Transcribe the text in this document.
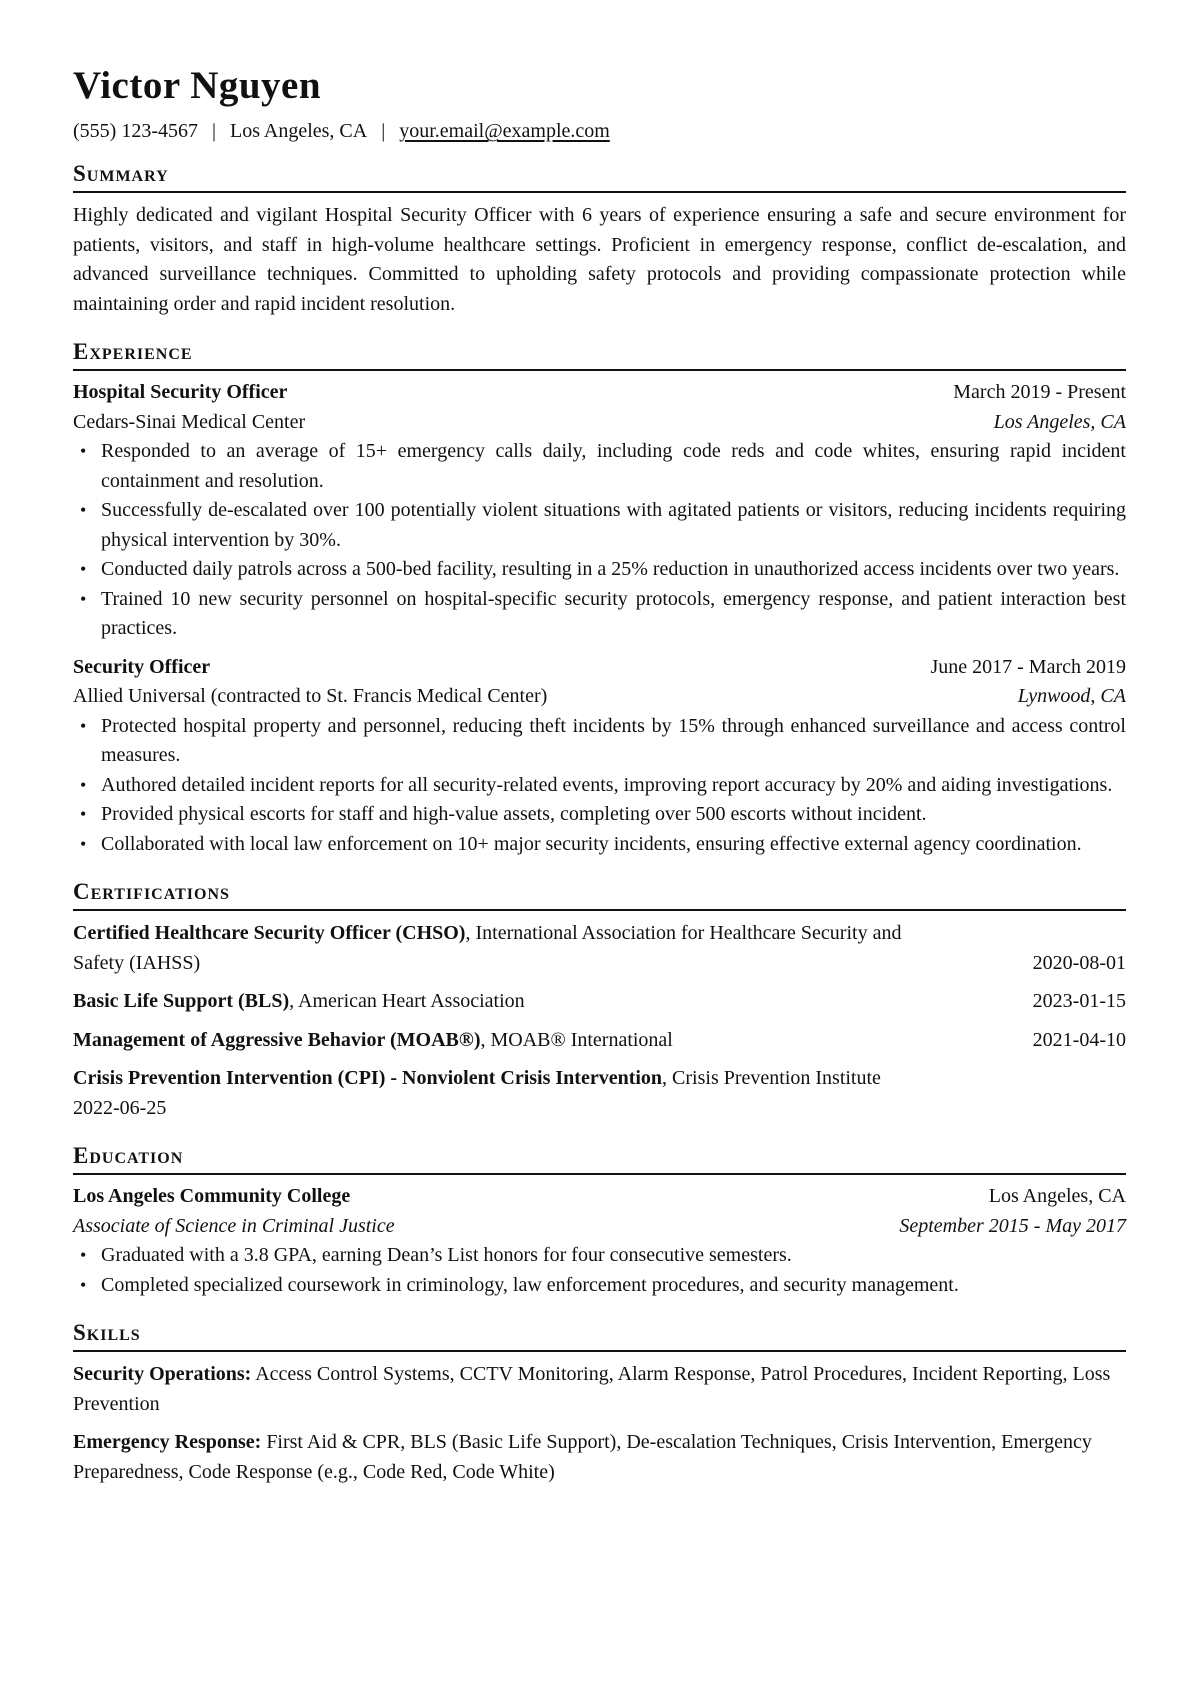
Victor Nguyen
(555) 123-4567 | Los Angeles, CA | your.email@example.com
Summary

Highly dedicated and vigilant Hospital Security Officer with 6 years of experience ensuring a safe and secure environment for patients, visitors, and staff in high-volume healthcare settings. Proficient in emergency response, conflict de-escalation, and advanced surveillance techniques. Committed to upholding safety protocols and providing compassionate protection while maintaining order and rapid incident resolution.

Experience
Hospital Security Officer	March 2019 - Present
Cedars-Sinai Medical Center	Los Angeles, CA
• Responded to an average of 15+ emergency calls daily, including code reds and code whites, ensuring rapid incident containment and resolution.
• Successfully de-escalated over 100 potentially violent situations with agitated patients or visitors, reducing incidents requiring physical intervention by 30%.
• Conducted daily patrols across a 500-bed facility, resulting in a 25% reduction in unauthorized access incidents over two years.
• Trained 10 new security personnel on hospital-specific security protocols, emergency response, and patient interaction best practices.
Security Officer	June 2017 - March 2019
Allied Universal (contracted to St. Francis Medical Center)	Lynwood, CA
• Protected hospital property and personnel, reducing theft incidents by 15% through enhanced surveillance and access control measures.
• Authored detailed incident reports for all security-related events, improving report accuracy by 20% and aiding investigations.
• Provided physical escorts for staff and high-value assets, completing over 500 escorts without incident.
• Collaborated with local law enforcement on 10+ major security incidents, ensuring effective external agency coordination.
Certifications
Certified Healthcare Security Officer (CHSO), International Association for Healthcare Security and
Safety (IAHSS)	2020-08-01
Basic Life Support (BLS), American Heart Association	2023-01-15
Management of Aggressive Behavior (MOAB®), MOAB® International	2021-04-10
Crisis Prevention Intervention (CPI) - Nonviolent Crisis Intervention, Crisis Prevention Institute
2022-06-25
Education
Los Angeles Community College	Los Angeles, CA
Associate of Science in Criminal Justice	September 2015 - May 2017
• Graduated with a 3.8 GPA, earning Dean’s List honors for four consecutive semesters.
• Completed specialized coursework in criminology, law enforcement procedures, and security management.
Skills
Security Operations: Access Control Systems, CCTV Monitoring, Alarm Response, Patrol Procedures, Incident Reporting, Loss Prevention
Emergency Response: First Aid & CPR, BLS (Basic Life Support), De-escalation Techniques, Crisis Intervention, Emergency Preparedness, Code Response (e.g., Code Red, Code White)
